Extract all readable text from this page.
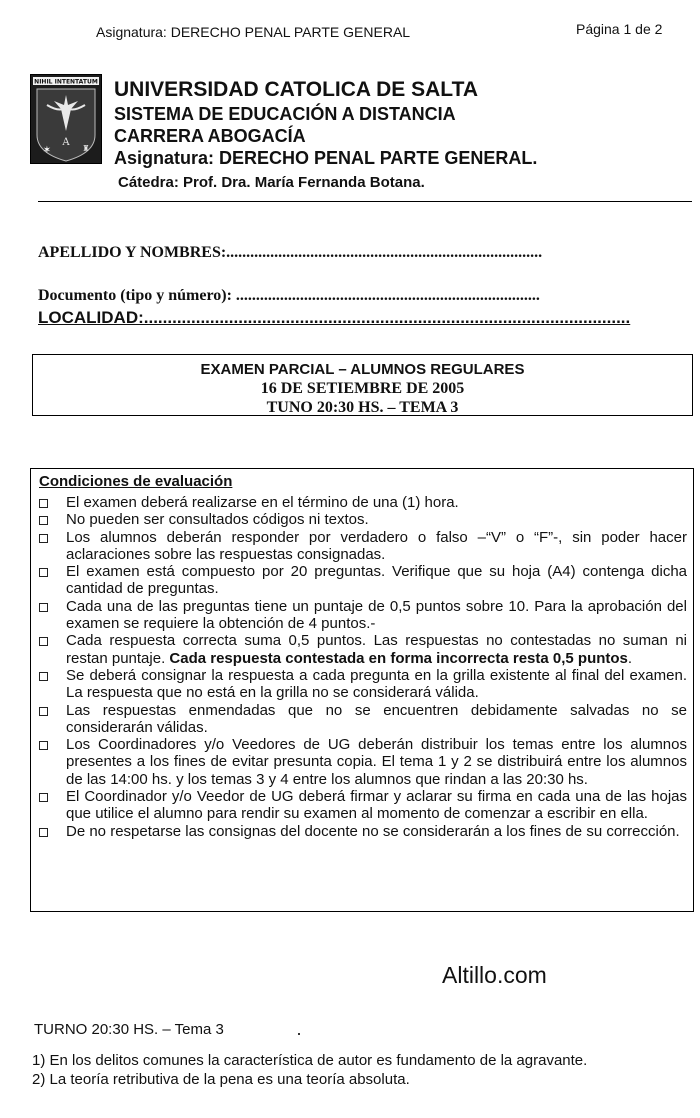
Asignatura: DERECHO PENAL PARTE GENERAL	Página 1 de 2
NIHIL INTENTATUM
A
✶	♜
UNIVERSIDAD CATOLICA DE SALTA
SISTEMA DE EDUCACIÓN A DISTANCIA
CARRERA ABOGACÍA
Asignatura: DERECHO PENAL PARTE GENERAL.
Cátedra: Prof. Dra. María Fernanda Botana.
APELLIDO Y NOMBRES:...............................................................................
Documento (tipo y número): ............................................................................
LOCALIDAD:.......................................................................................................​
EXAMEN PARCIAL – ALUMNOS REGULARES
16 DE SETIEMBRE DE 2005
TUNO 20:30 HS. – TEMA 3
Condiciones de evaluación
El examen deberá realizarse en el término de una (1) hora.
No pueden ser consultados códigos ni textos.
Los alumnos deberán responder por verdadero o falso –“V” o “F”-, sin poder hacer aclaraciones sobre las respuestas consignadas.
El examen está compuesto por 20 preguntas. Verifique que su hoja (A4) contenga dicha cantidad de preguntas.
Cada una de las preguntas tiene un puntaje de 0,5 puntos sobre 10. Para la aprobación del examen se requiere la obtención de 4 puntos.-
Cada respuesta correcta suma 0,5 puntos. Las respuestas no contestadas no suman ni restan puntaje. Cada respuesta contestada en forma incorrecta resta 0,5 puntos.
Se deberá consignar la respuesta a cada pregunta en la grilla existente al final del examen. La respuesta que no está en la grilla no se considerará válida.
Las respuestas enmendadas que no se encuentren debidamente salvadas no se considerarán válidas.
Los Coordinadores y/o Veedores de UG deberán distribuir los temas entre los alumnos presentes a los fines de evitar presunta copia. El tema 1 y 2 se distribuirá entre los alumnos de las 14:00 hs. y los temas 3 y 4 entre los alumnos que rindan a las 20:30 hs.
El Coordinador y/o Veedor de UG deberá firmar y aclarar su firma en cada una de las hojas que utilice el alumno para rendir su examen al momento de comenzar a escribir en ella.
De no respetarse las consignas del docente no se considerarán a los fines de su corrección.
Altillo.com
TURNO 20:30 HS. – Tema 3
1) En los delitos comunes la característica de autor es fundamento de la agravante.
2) La teoría retributiva de la pena es una teoría absoluta.
